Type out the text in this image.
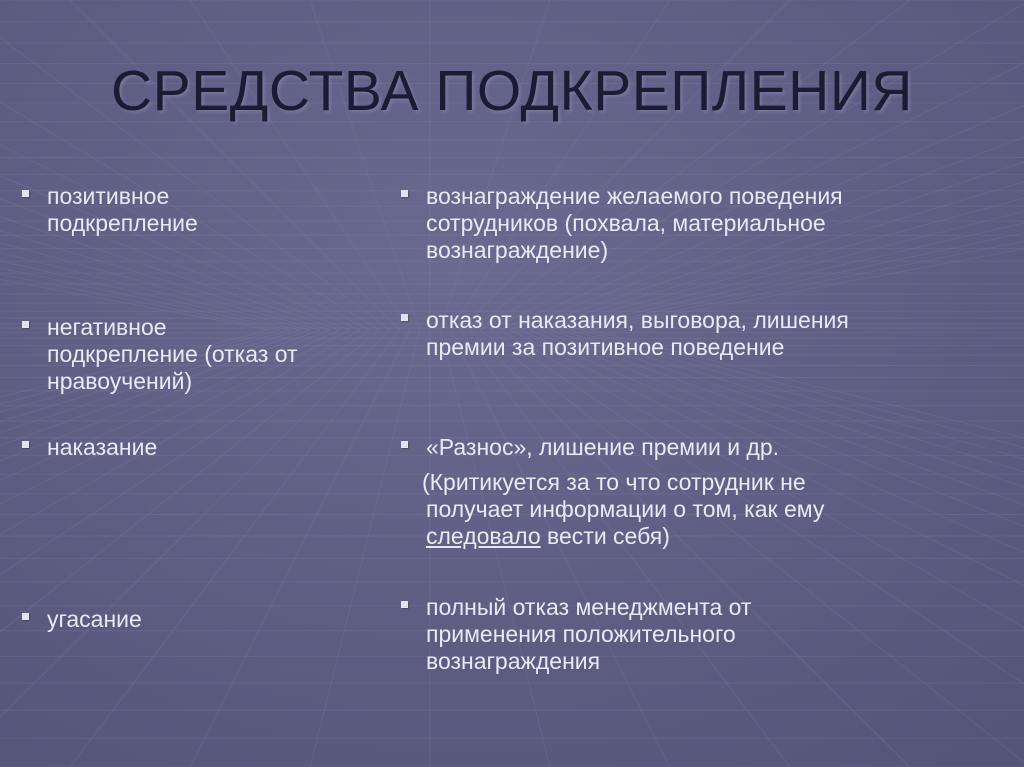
СРЕДСТВА ПОДКРЕПЛЕНИЯ
позитивное
подкрепление
негативное
подкрепление (отказ от
нравоучений)
наказание
угасание
вознаграждение желаемого поведения
сотрудников (похвала, материальное
вознаграждение)
отказ от наказания, выговора, лишения
премии за позитивное поведение
«Разнос», лишение премии и др.
(Критикуется за то что сотрудник не
получает информации о том, как ему
следовало вести себя)
полный отказ менеджмента от
применения положительного
вознаграждения
